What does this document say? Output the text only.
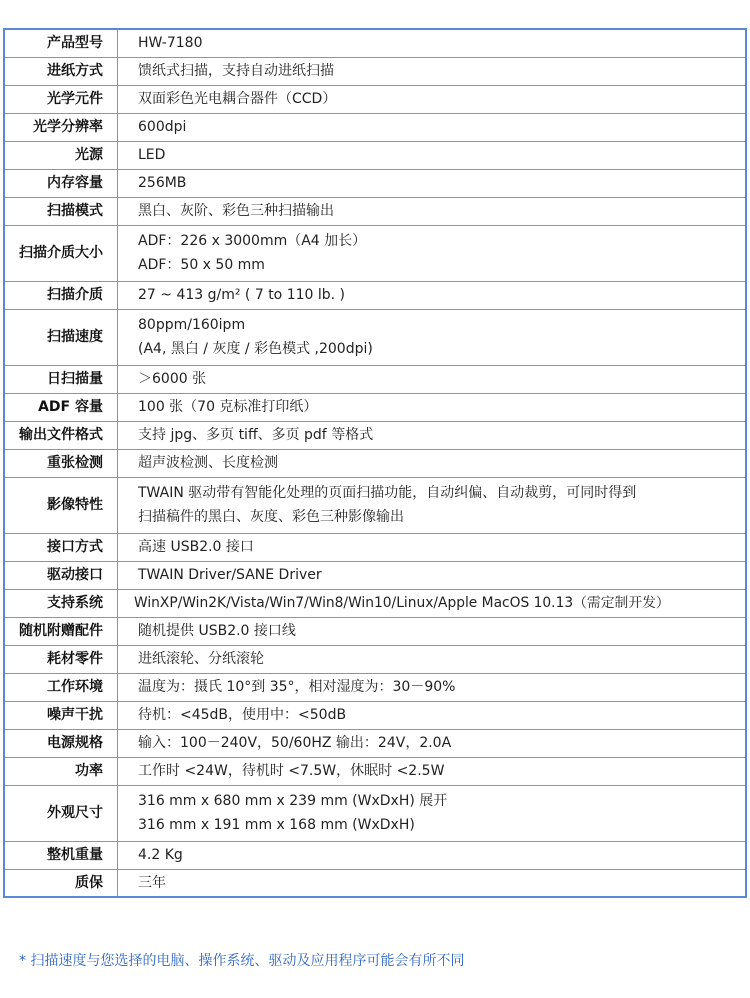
产品型号	HW-7180

进纸方式	馈纸式扫描，支持自动进纸扫描

光学元件	双面彩色光电耦合器件（CCD）

光学分辨率	600dpi

光源	LED

内存容量	256MB

扫描模式	黑白、灰阶、彩色三种扫描输出

扫描介质大小	ADF：226 x 3000mm（A4 加长）
ADF：50 x 50 mm

扫描介质	27 ~ 413 g/m² ( 7 to 110 lb. )

扫描速度	80ppm/160ipm
(A4, 黑白 / 灰度 / 彩色模式 ,200dpi)

日扫描量	＞6000 张

ADF 容量	100 张（70 克标准打印纸）

输出文件格式	支持 jpg、多页 tiff、多页 pdf 等格式

重张检测	超声波检测、长度检测

影像特性	TWAIN 驱动带有智能化处理的页面扫描功能，自动纠偏、自动裁剪，可同时得到
扫描稿件的黑白、灰度、彩色三种影像输出

接口方式	高速 USB2.0 接口

驱动接口	TWAIN Driver/SANE Driver

支持系统	WinXP/Win2K/Vista/Win7/Win8/Win10/Linux/Apple MacOS 10.13（需定制开发）

随机附赠配件	随机提供 USB2.0 接口线

耗材零件	进纸滚轮、分纸滚轮

工作环境	温度为：摄氏 10°到 35°，相对湿度为：30－90%

噪声干扰	待机：<45dB，使用中：<50dB

电源规格	输入：100－240V，50/60HZ 输出：24V，2.0A

功率	工作时 <24W，待机时 <7.5W，休眠时 <2.5W

外观尺寸	316 mm x 680 mm x 239 mm (WxDxH) 展开
316 mm x 191 mm x 168 mm (WxDxH)

整机重量	4.2 Kg

质保	三年
* 扫描速度与您选择的电脑、操作系统、驱动及应用程序可能会有所不同
